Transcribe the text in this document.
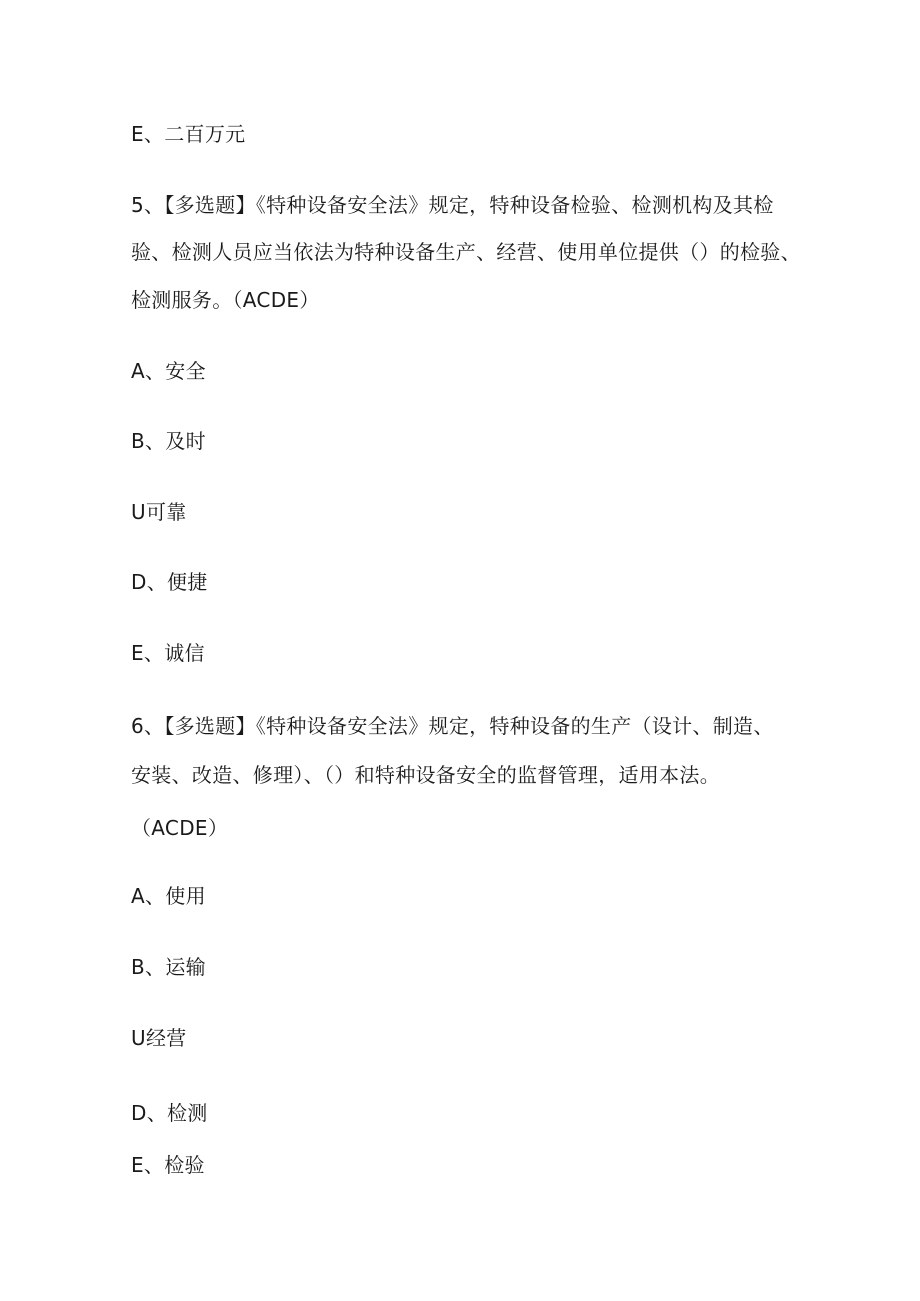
E、二百万元
5、【多选题】《特种设备安全法》规定，特种设备检验、检测机构及其检
验、检测人员应当依法为特种设备生产、经营、使用单位提供（）的检验、
检测服务。（ACDE）
A、安全
B、及时
U可靠
D、便捷
E、诚信
6、【多选题】《特种设备安全法》规定，特种设备的生产（设计、制造、
安装、改造、修理）、（）和特种设备安全的监督管理，适用本法。
（ACDE）
A、使用
B、运输
U经营
D、检测
E、检验
